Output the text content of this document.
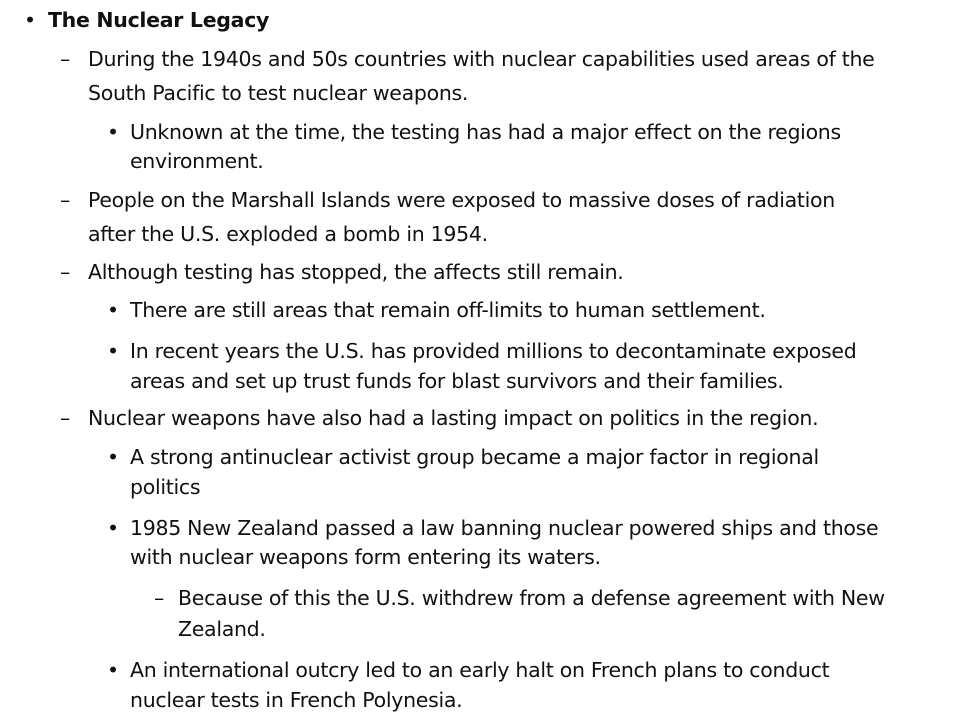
• The Nuclear Legacy
– During the 1940s and 50s countries with nuclear capabilities used areas of the
South Pacific to test nuclear weapons.
• Unknown at the time, the testing has had a major effect on the regions
environment.
– People on the Marshall Islands were exposed to massive doses of radiation
after the U.S. exploded a bomb in 1954.
– Although testing has stopped, the affects still remain.
• There are still areas that remain off-limits to human settlement.
• In recent years the U.S. has provided millions to decontaminate exposed
areas and set up trust funds for blast survivors and their families.
– Nuclear weapons have also had a lasting impact on politics in the region.
• A strong antinuclear activist group became a major factor in regional
politics
• 1985 New Zealand passed a law banning nuclear powered ships and those
with nuclear weapons form entering its waters.
– Because of this the U.S. withdrew from a defense agreement with New
Zealand.
• An international outcry led to an early halt on French plans to conduct
nuclear tests in French Polynesia.
